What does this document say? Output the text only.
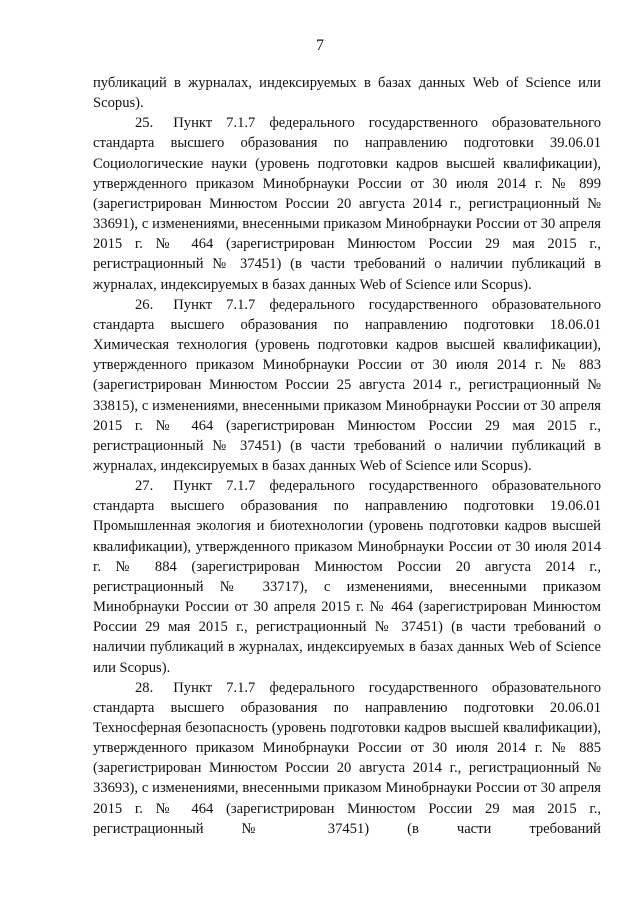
7

публикаций в журналах, индексируемых в базах данных Web of Science или Scopus).

25. Пункт 7.1.7 федерального государственного образовательного стандарта высшего образования по направлению подготовки 39.06.01 Социологические науки (уровень подготовки кадров высшей квалификации), утвержденного приказом Минобрнауки России от 30 июля 2014 г. № 899 (зарегистрирован Минюстом России 20 августа 2014 г., регистрационный № 33691), с изменениями, внесенными приказом Минобрнауки России от 30 апреля 2015 г. № 464 (зарегистрирован Минюстом России 29 мая 2015 г., регистрационный № 37451) (в части требований о наличии публикаций в журналах, индексируемых в базах данных Web of Science или Scopus).

26. Пункт 7.1.7 федерального государственного образовательного стандарта высшего образования по направлению подготовки 18.06.01 Химическая технология (уровень подготовки кадров высшей квалификации), утвержденного приказом Минобрнауки России от 30 июля 2014 г. № 883 (зарегистрирован Минюстом России 25 августа 2014 г., регистрационный № 33815), с изменениями, внесенными приказом Минобрнауки России от 30 апреля 2015 г. № 464 (зарегистрирован Минюстом России 29 мая 2015 г., регистрационный № 37451) (в части требований о наличии публикаций в журналах, индексируемых в базах данных Web of Science или Scopus).

27. Пункт 7.1.7 федерального государственного образовательного стандарта высшего образования по направлению подготовки 19.06.01 Промышленная экология и биотехнологии (уровень подготовки кадров высшей квалификации), утвержденного приказом Минобрнауки России от 30 июля 2014 г. № 884 (зарегистрирован Минюстом России 20 августа 2014 г., регистрационный № 33717), с изменениями, внесенными приказом Минобрнауки России от 30 апреля 2015 г. № 464 (зарегистрирован Минюстом России 29 мая 2015 г., регистрационный № 37451) (в части требований о наличии публикаций в журналах, индексируемых в базах данных Web of Science или Scopus).

28. Пункт 7.1.7 федерального государственного образовательного стандарта высшего образования по направлению подготовки 20.06.01 Техносферная безопасность (уровень подготовки кадров высшей квалификации), утвержденного приказом Минобрнауки России от 30 июля 2014 г. № 885 (зарегистрирован Минюстом России 20 августа 2014 г., регистрационный № 33693), с изменениями, внесенными приказом Минобрнауки России от 30 апреля 2015 г. № 464 (зарегистрирован Минюстом России 29 мая 2015 г., регистрационный № 37451) (в части требований
